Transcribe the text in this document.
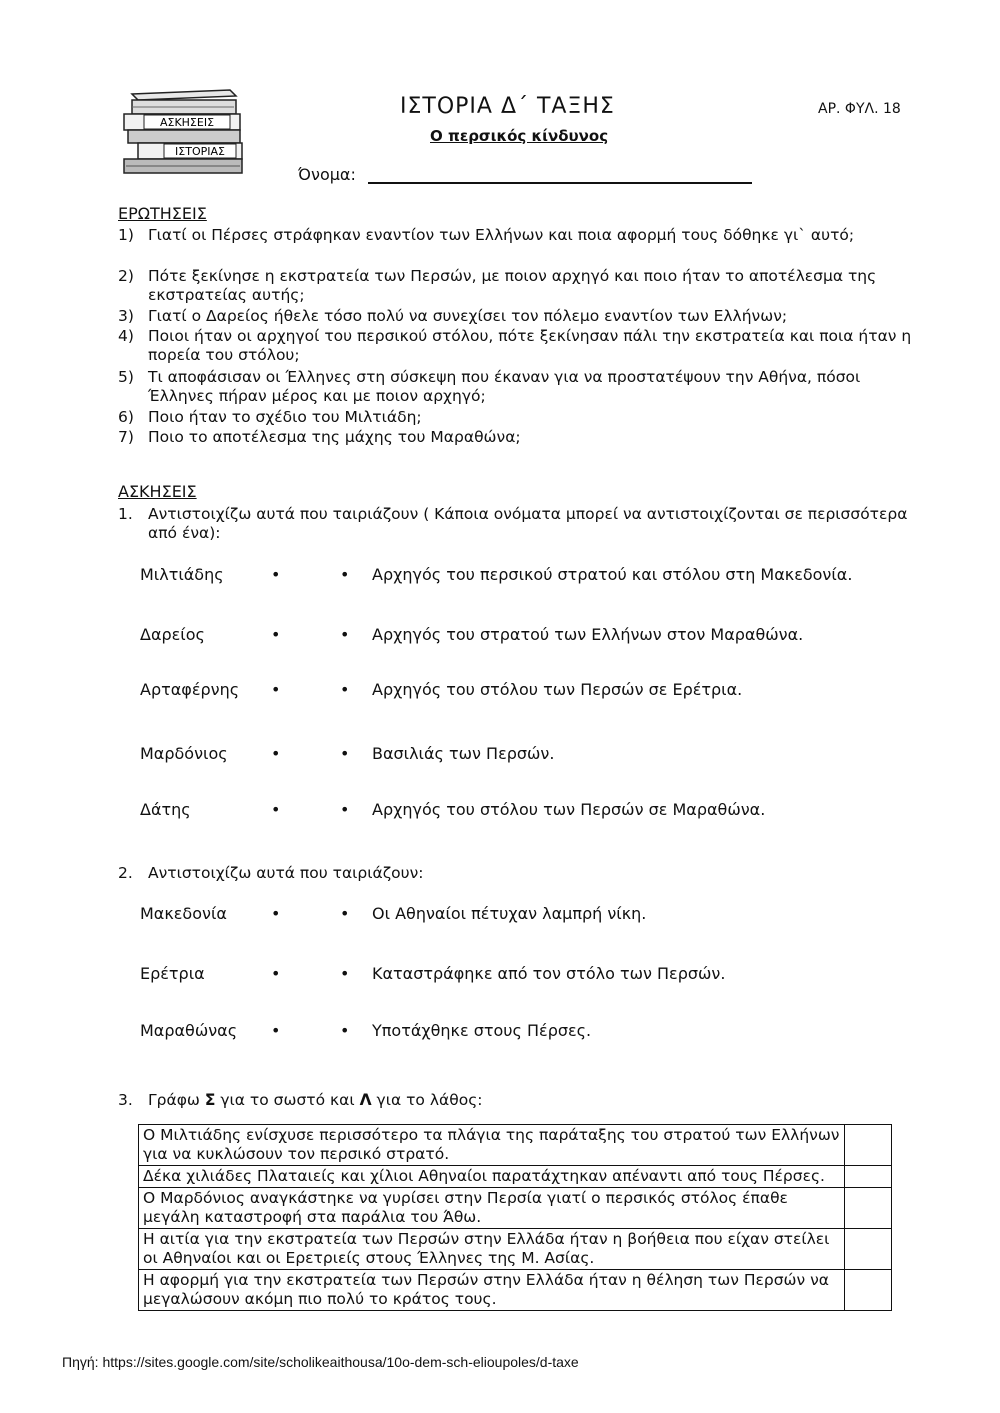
ΑΣΚΗΣΕΙΣ
ΙΣΤΟΡΙΑΣ
ΙΣΤΟΡΙΑ Δ΄ ΤΑΞΗΣ	ΑΡ. ΦΥΛ. 18
Ο περσικός κίνδυνος
Όνομα:
ΕΡΩΤΗΣΕΙΣ
1) Γιατί οι Πέρσες στράφηκαν εναντίον των Ελλήνων και ποια αφορμή τους δόθηκε γι` αυτό;
2) Πότε ξεκίνησε η εκστρατεία των Περσών, με ποιον αρχηγό και ποιο ήταν το αποτέλεσμα της εκστρατείας αυτής;
3) Γιατί ο Δαρείος ήθελε τόσο πολύ να συνεχίσει τον πόλεμο εναντίον των Ελλήνων;
4) Ποιοι ήταν οι αρχηγοί του περσικού στόλου, πότε ξεκίνησαν πάλι την εκστρατεία και ποια ήταν η πορεία του στόλου;
5) Τι αποφάσισαν οι Έλληνες στη σύσκεψη που έκαναν για να προστατέψουν την Αθήνα, πόσοι Έλληνες πήραν μέρος και με ποιον αρχηγό;
6) Ποιο ήταν το σχέδιο του Μιλτιάδη;
7) Ποιο το αποτέλεσμα της μάχης του Μαραθώνα;
ΑΣΚΗΣΕΙΣ
1. Αντιστοιχίζω αυτά που ταιριάζουν ( Κάποια ονόματα μπορεί να αντιστοιχίζονται σε περισσότερα από ένα):
Μιλτιάδης	•	• Αρχηγός του περσικού στρατού και στόλου στη Μακεδονία.
Δαρείος	•	• Αρχηγός του στρατού των Ελλήνων στον Μαραθώνα.
Αρταφέρνης •	• Αρχηγός του στόλου των Περσών σε Ερέτρια.
Μαρδόνιος	•	• Βασιλιάς των Περσών.
Δάτης	•	• Αρχηγός του στόλου των Περσών σε Μαραθώνα.
2. Αντιστοιχίζω αυτά που ταιριάζουν:
Μακεδονία	•	• Οι Αθηναίοι πέτυχαν λαμπρή νίκη.
Ερέτρια	•	• Καταστράφηκε από τον στόλο των Περσών.
Μαραθώνας •	• Υποτάχθηκε στους Πέρσες.
3. Γράφω Σ για το σωστό και Λ για το λάθος:
Ο Μιλτιάδης ενίσχυσε περισσότερο τα πλάγια της παράταξης του στρατού των Ελλήνων για να κυκλώσουν τον περσικό στρατό.	
Δέκα χιλιάδες Πλαταιείς και χίλιοι Αθηναίοι παρατάχτηκαν απέναντι από τους Πέρσες.	
Ο Μαρδόνιος αναγκάστηκε να γυρίσει στην Περσία γιατί ο περσικός στόλος έπαθε μεγάλη καταστροφή στα παράλια του Άθω.	
Η αιτία για την εκστρατεία των Περσών στην Ελλάδα ήταν η βοήθεια που είχαν στείλει οι Αθηναίοι και οι Ερετριείς στους Έλληνες της Μ. Ασίας.	
Η αφορμή για την εκστρατεία των Περσών στην Ελλάδα ήταν η θέληση των Περσών να μεγαλώσουν ακόμη πιο πολύ το κράτος τους.	
Πηγή: https://sites.google.com/site/scholikeaithousa/10o-dem-sch-elioupoles/d-taxe
